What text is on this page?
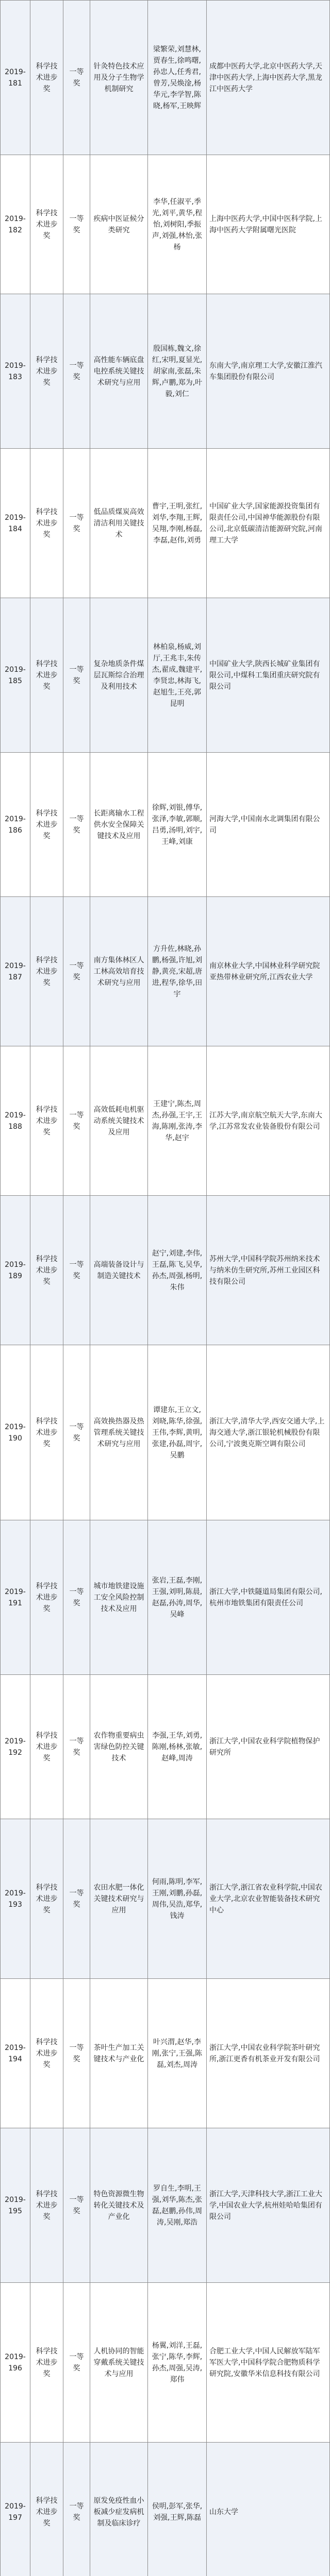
2019-181	科学技术进步奖	一等奖	针灸特色技术应用及分子生物学机制研究	梁繁荣,刘慧林,贾春生,徐鸣曙,孙忠人,任秀君,曾芳,吴焕淦,杨华元,李学智,陈晓,杨军,王映辉	成都中医药大学,北京中医药大学,天津中医药大学,上海中医药大学,黑龙江中医药大学
2019-182	科学技术进步奖	一等奖	疾病中医证候分类研究	李华,任淑平,季光,刘平,黄华,程怡,刘树阳,季振声,刘强,林怡,张杨	上海中医药大学,中国中医科学院,上海中医药大学附属曙光医院
2019-183	科学技术进步奖	一等奖	高性能车辆底盘电控系统关键技术研究与应用	殷国栋,魏文,徐红,宋明,夏显光,胡家南,张磊,朱辉,卢鹏,郑为,叶毅,刘仁	东南大学,南京理工大学,安徽江淮汽车集团股份有限公司
2019-184	科学技术进步奖	一等奖	低品质煤炭高效清洁利用关键技术	曹宇,王明,张红,刘华,李翔,王辉,吴翔,李刚,杨磊,李磊,赵伟,刘勇	中国矿业大学,国家能源投资集团有限责任公司,中国神华能源股份有限公司,北京低碳清洁能源研究院,河南理工大学
2019-185	科学技术进步奖	一等奖	复杂地质条件煤层瓦斯综合治理及利用技术	林柏泉,杨威,刘厅,王兆丰,朱传杰,翟成,魏建平,李贤忠,林海飞,赵旭生,王亮,郭昆明	中国矿业大学,陕西长城矿业集团有限公司,中煤科工集团重庆研究院有限公司
2019-186	科学技术进步奖	一等奖	长距离输水工程供水安全保障关键技术及应用	徐辉,刘银,傅华,张泽,李敏,郭顺,吕勇,汤明,刘宇,王峰,刘康	河海大学,中国南水北调集团有限公司
2019-187	科学技术进步奖	一等奖	南方集体林区人工林高效培育技术研究与应用	方升佐,林晓,孙鹏,杨强,许旭,刘静,黄亮,宋超,唐进,程华,徐华,田宇	南京林业大学,中国林业科学研究院亚热带林业研究所,江西农业大学
2019-188	科学技术进步奖	一等奖	高效低耗电机驱动系统关键技术及应用	王建宁,陈杰,周杰,孙强,王宇,王海,陈刚,张涛,李华,赵宇	江苏大学,南京航空航天大学,东南大学,江苏常发农业装备股份有限公司
2019-189	科学技术进步奖	一等奖	高端装备设计与制造关键技术	赵宁,刘建,李伟,王磊,陈飞,吴华,孙杰,周强,杨明,朱伟	苏州大学,中国科学院苏州纳米技术与纳米仿生研究所,苏州工业园区科技有限公司
2019-190	科学技术进步奖	一等奖	高效换热器及热管理系统关键技术研究与应用	谭建东,王立文,刘晓,陈华,徐强,王伟,李辉,黄明,张建,孙磊,周宇,吴鹏	浙江大学,清华大学,西安交通大学,上海交通大学,浙江银轮机械股份有限公司,宁波奥克斯空调有限公司
2019-191	科学技术进步奖	一等奖	城市地铁建设施工安全风险控制技术及应用	张岩,王磊,李刚,王强,刘明,陈晨,赵磊,孙涛,周华,吴峰	浙江大学,中铁隧道局集团有限公司,杭州市地铁集团有限责任公司
2019-192	科学技术进步奖	一等奖	农作物重要病虫害绿色防控关键技术	李强,王华,刘勇,陈刚,杨林,张敏,赵峰,周涛	浙江大学,中国农业科学院植物保护研究所
2019-193	科学技术进步奖	一等奖	农田水肥一体化关键技术研究与应用	何雨,陈明,李军,王刚,刘鹏,孙磊,周伟,吴浩,郑华,钱涛	浙江大学,浙江省农业科学院,中国农业大学,北京农业智能装备技术研究中心
2019-194	科学技术进步奖	一等奖	茶叶生产加工关键技术与产业化	叶兴渭,赵华,李刚,张宁,王强,陈磊,刘杰,周涛	浙江大学,中国农业科学院茶叶研究所,浙江更香有机茶业开发有限公司
2019-195	科学技术进步奖	一等奖	特色资源微生物转化关键技术及产业化	罗自生,李明,王强,刘华,陈杰,张磊,赵鹏,孙伟,周涛,吴刚,郑浩	浙江大学,天津科技大学,浙江工业大学,中国农业大学,杭州娃哈哈集团有限公司
2019-196	科学技术进步奖	一等奖	人机协同的智能穿戴系统关键技术与应用	杨翼,刘洋,王磊,张宁,陈华,李辉,孙杰,周强,吴涛,郑伟	合肥工业大学,中国人民解放军陆军军医大学,中国科学院合肥物质科学研究院,安徽华米信息科技有限公司
2019-197	科学技术进步奖	一等奖	原发免疫性血小板减少症发病机制及临床诊疗	侯明,彭军,张华,刘强,王辉,陈磊	山东大学
